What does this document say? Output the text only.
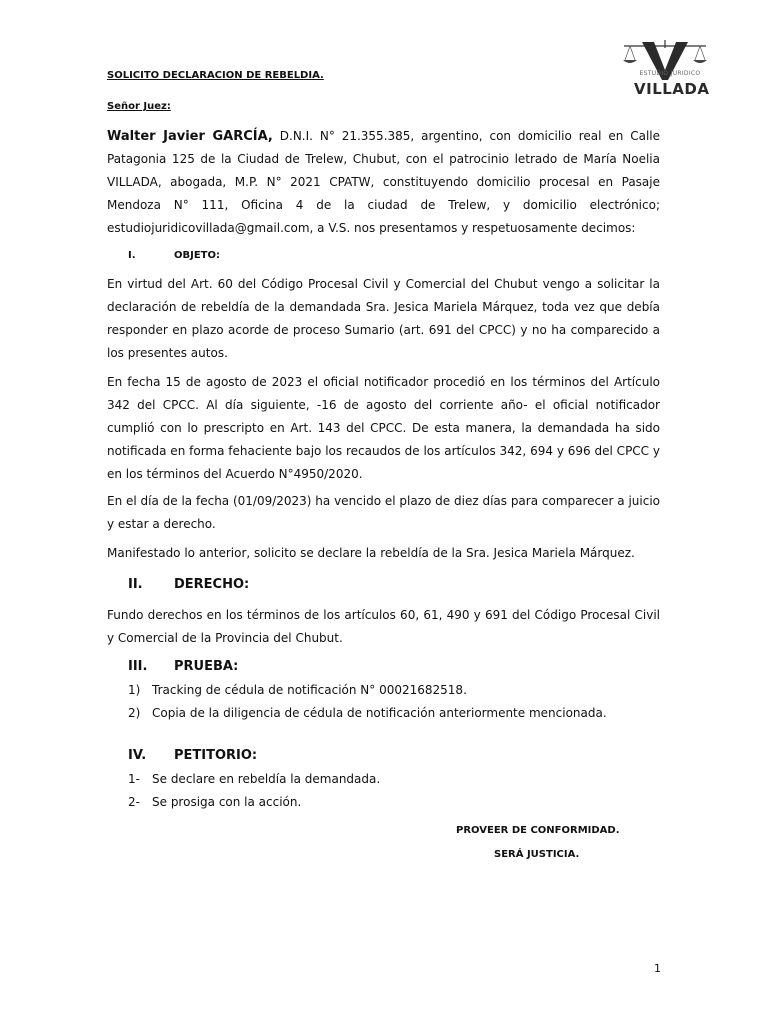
ESTUDIO JURIDICO
VILLADA
SOLICITO DECLARACION DE REBELDIA.
Señor Juez:
Walter Javier GARCÍA, D.N.I. N° 21.355.385, argentino, con domicilio real en Calle Patagonia 125 de la Ciudad de Trelew, Chubut, con el patrocinio letrado de María Noelia VILLADA, abogada, M.P. N° 2021 CPATW, constituyendo domicilio procesal en Pasaje Mendoza N° 111, Oficina 4 de la ciudad de Trelew, y domicilio electrónico; estudiojuridicovillada@gmail.com, a V.S. nos presentamos y respetuosamente decimos:
I.	OBJETO:
En virtud del Art. 60 del Código Procesal Civil y Comercial del Chubut vengo a solicitar la declaración de rebeldía de la demandada Sra. Jesica Mariela Márquez, toda vez que debía responder en plazo acorde de proceso Sumario (art. 691 del CPCC) y no ha comparecido a los presentes autos.
En fecha 15 de agosto de 2023 el oficial notificador procedió en los términos del Artículo 342 del CPCC. Al día siguiente, -16 de agosto del corriente año- el oficial notificador cumplió con lo prescripto en Art. 143 del CPCC. De esta manera, la demandada ha sido notificada en forma fehaciente bajo los recaudos de los artículos 342, 694 y 696 del CPCC y en los términos del Acuerdo N°4950/2020.
En el día de la fecha (01/09/2023) ha vencido el plazo de diez días para comparecer a juicio y estar a derecho.
Manifestado lo anterior, solicito se declare la rebeldía de la Sra. Jesica Mariela Márquez.
II. DERECHO:
Fundo derechos en los términos de los artículos 60, 61, 490 y 691 del Código Procesal Civil y Comercial de la Provincia del Chubut.
III. PRUEBA:
1) Tracking de cédula de notificación N° 00021682518.
2) Copia de la diligencia de cédula de notificación anteriormente mencionada.
IV. PETITORIO:
1- Se declare en rebeldía la demandada.
2- Se prosiga con la acción.
PROVEER DE CONFORMIDAD.
SERÁ JUSTICIA.
1
